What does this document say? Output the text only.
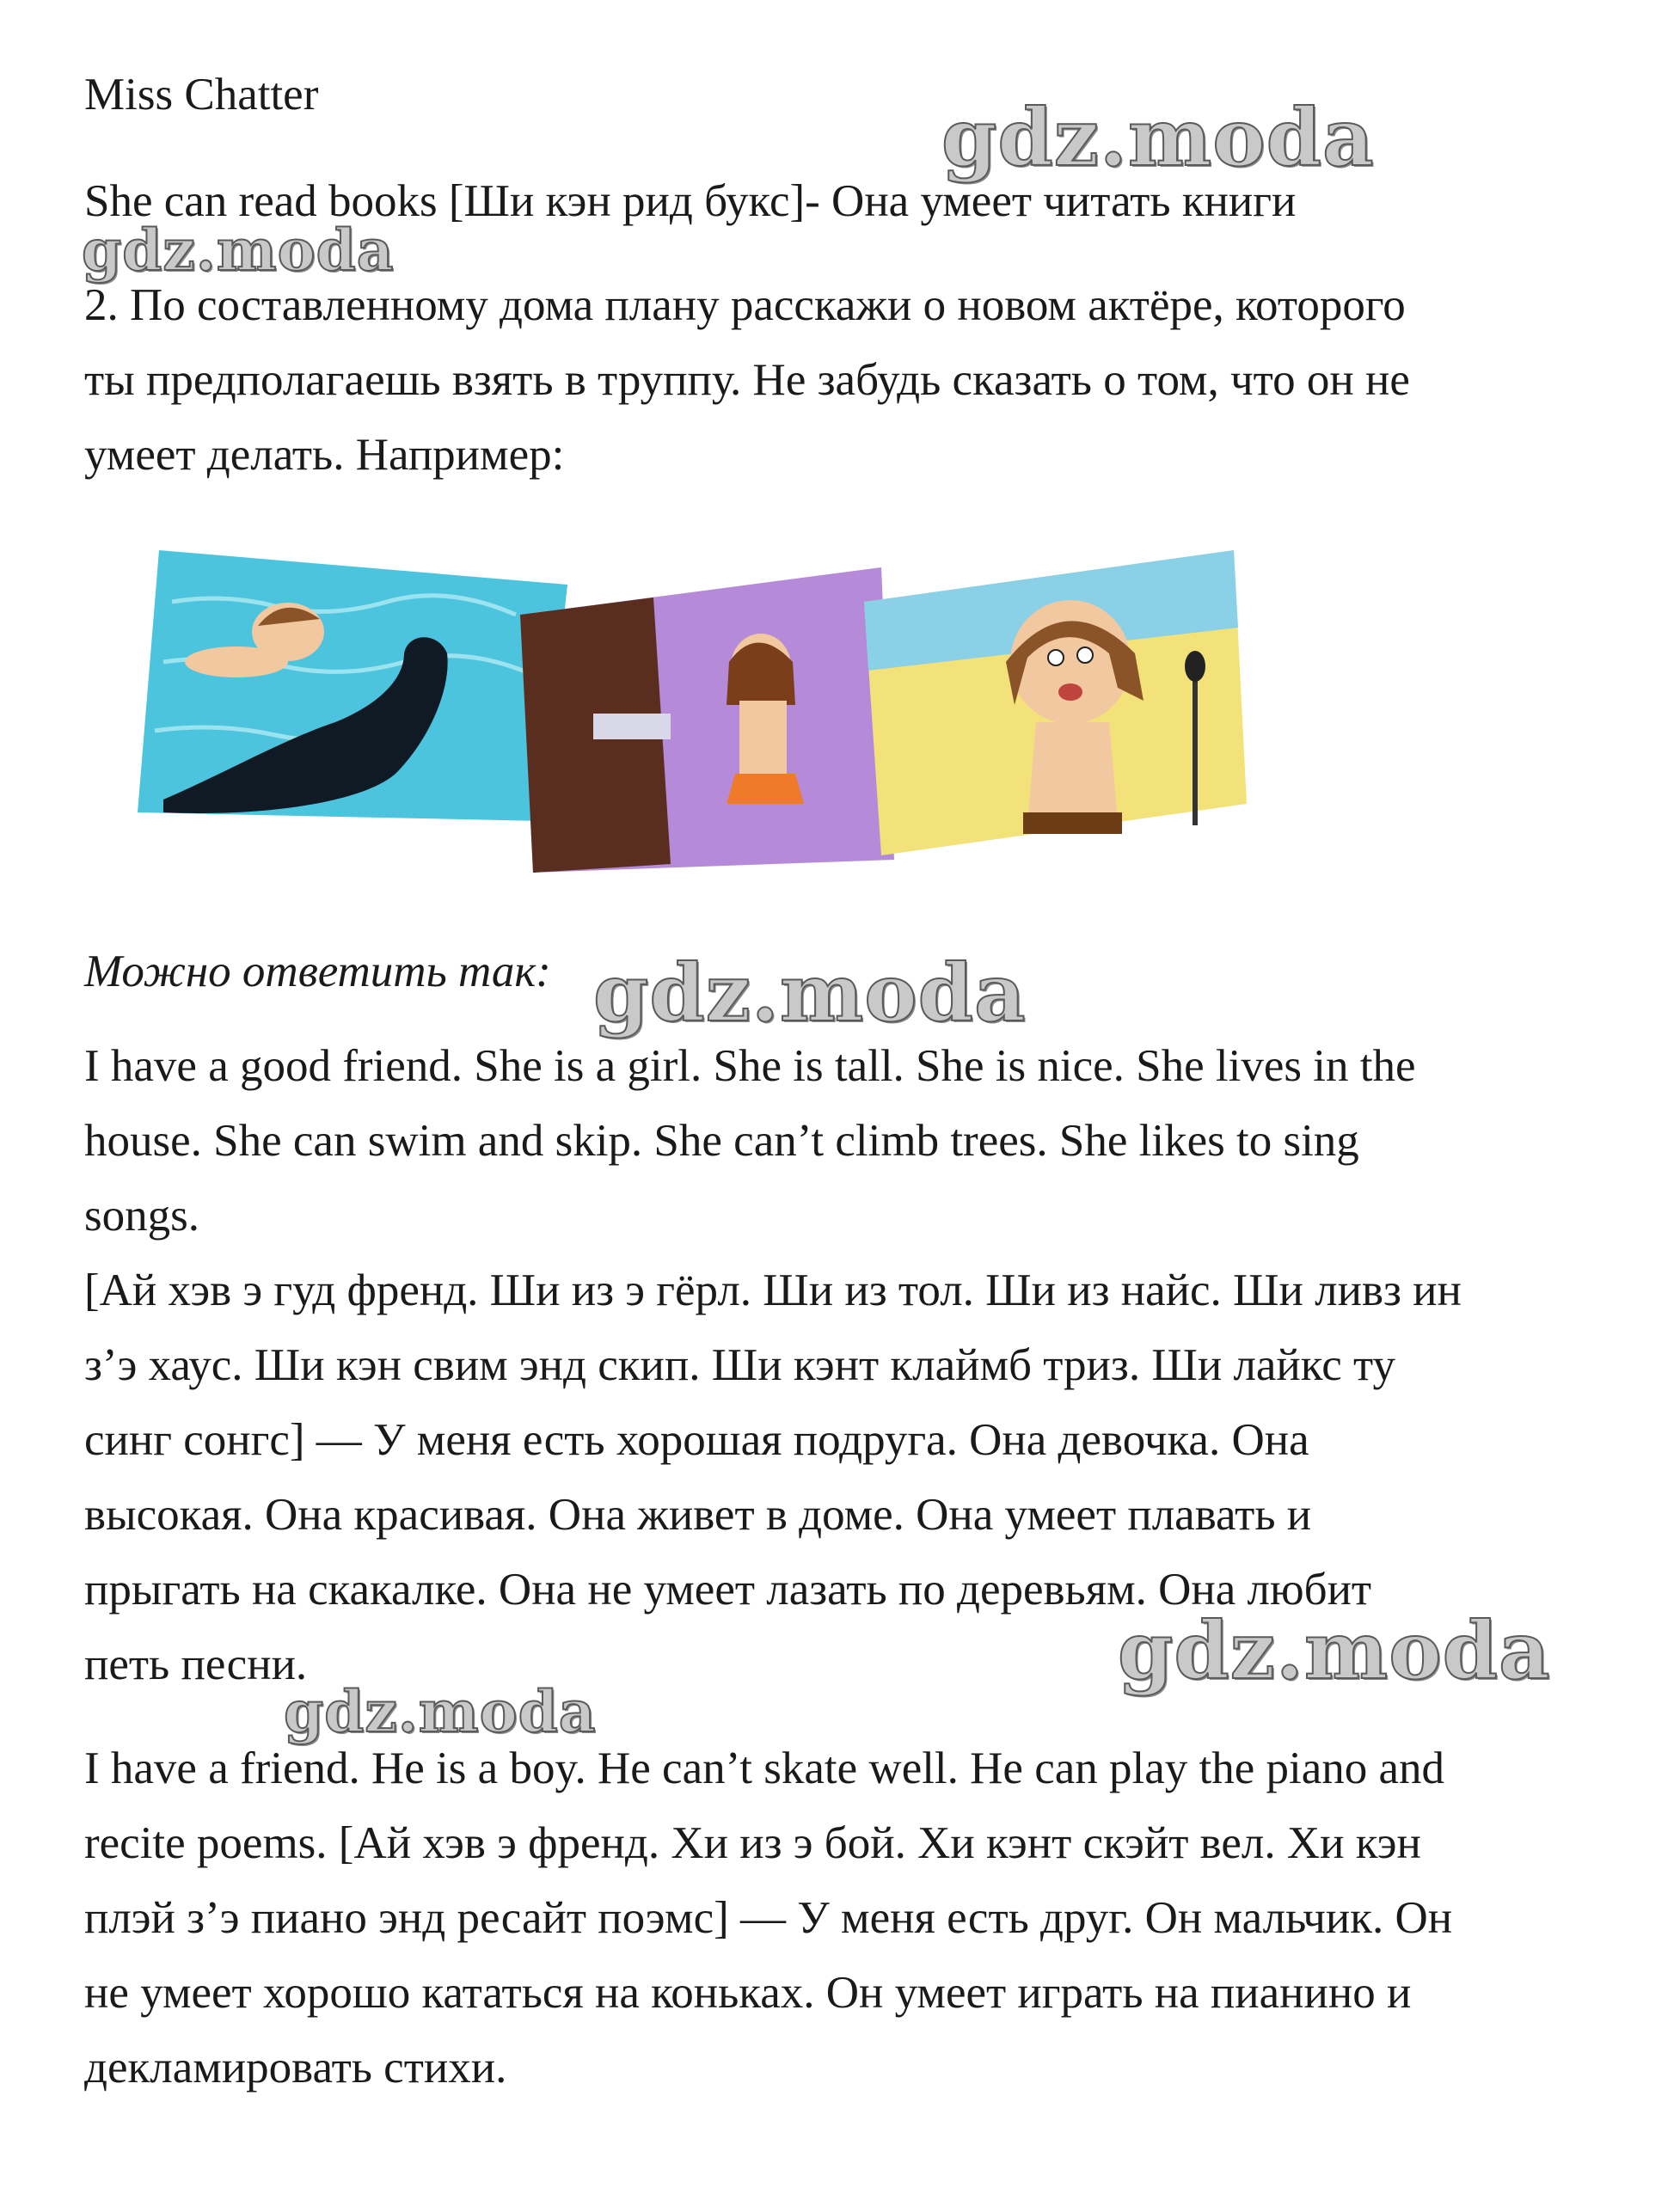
Miss Chatter
She can read books [Ши кэн рид букс]- Она умеет читать книги
2. По составленному дома плану расскажи о новом актёре, которого
ты предполагаешь взять в труппу. Не забудь сказать о том, что он не
умеет делать. Например:
Можно ответить так:
I have a good friend. She is a girl. She is tall. She is nice. She lives in the
house. She can swim and skip. She can’t climb trees. She likes to sing
songs.
[Ай хэв э гуд френд. Ши из э гёрл. Ши из тол. Ши из найс. Ши ливз ин
з’э хаус. Ши кэн свим энд скип. Ши кэнт клаймб триз. Ши лайкс ту
синг сонгс] — У меня есть хорошая подруга. Она девочка. Она
высокая. Она красивая. Она живет в доме. Она умеет плавать и
прыгать на скакалке. Она не умеет лазать по деревьям. Она любит
петь песни.
I have a friend. He is a boy. He can’t skate well. He can play the piano and
recite poems. [Ай хэв э френд. Хи из э бой. Хи кэнт скэйт вел. Хи кэн
плэй з’э пиано энд ресайт поэмс] — У меня есть друг. Он мальчик. Он
не умеет хорошо кататься на коньках. Он умеет играть на пианино и
декламировать стихи.
gdz.moda
gdz.moda
gdz.moda
gdz.moda
gdz.moda
